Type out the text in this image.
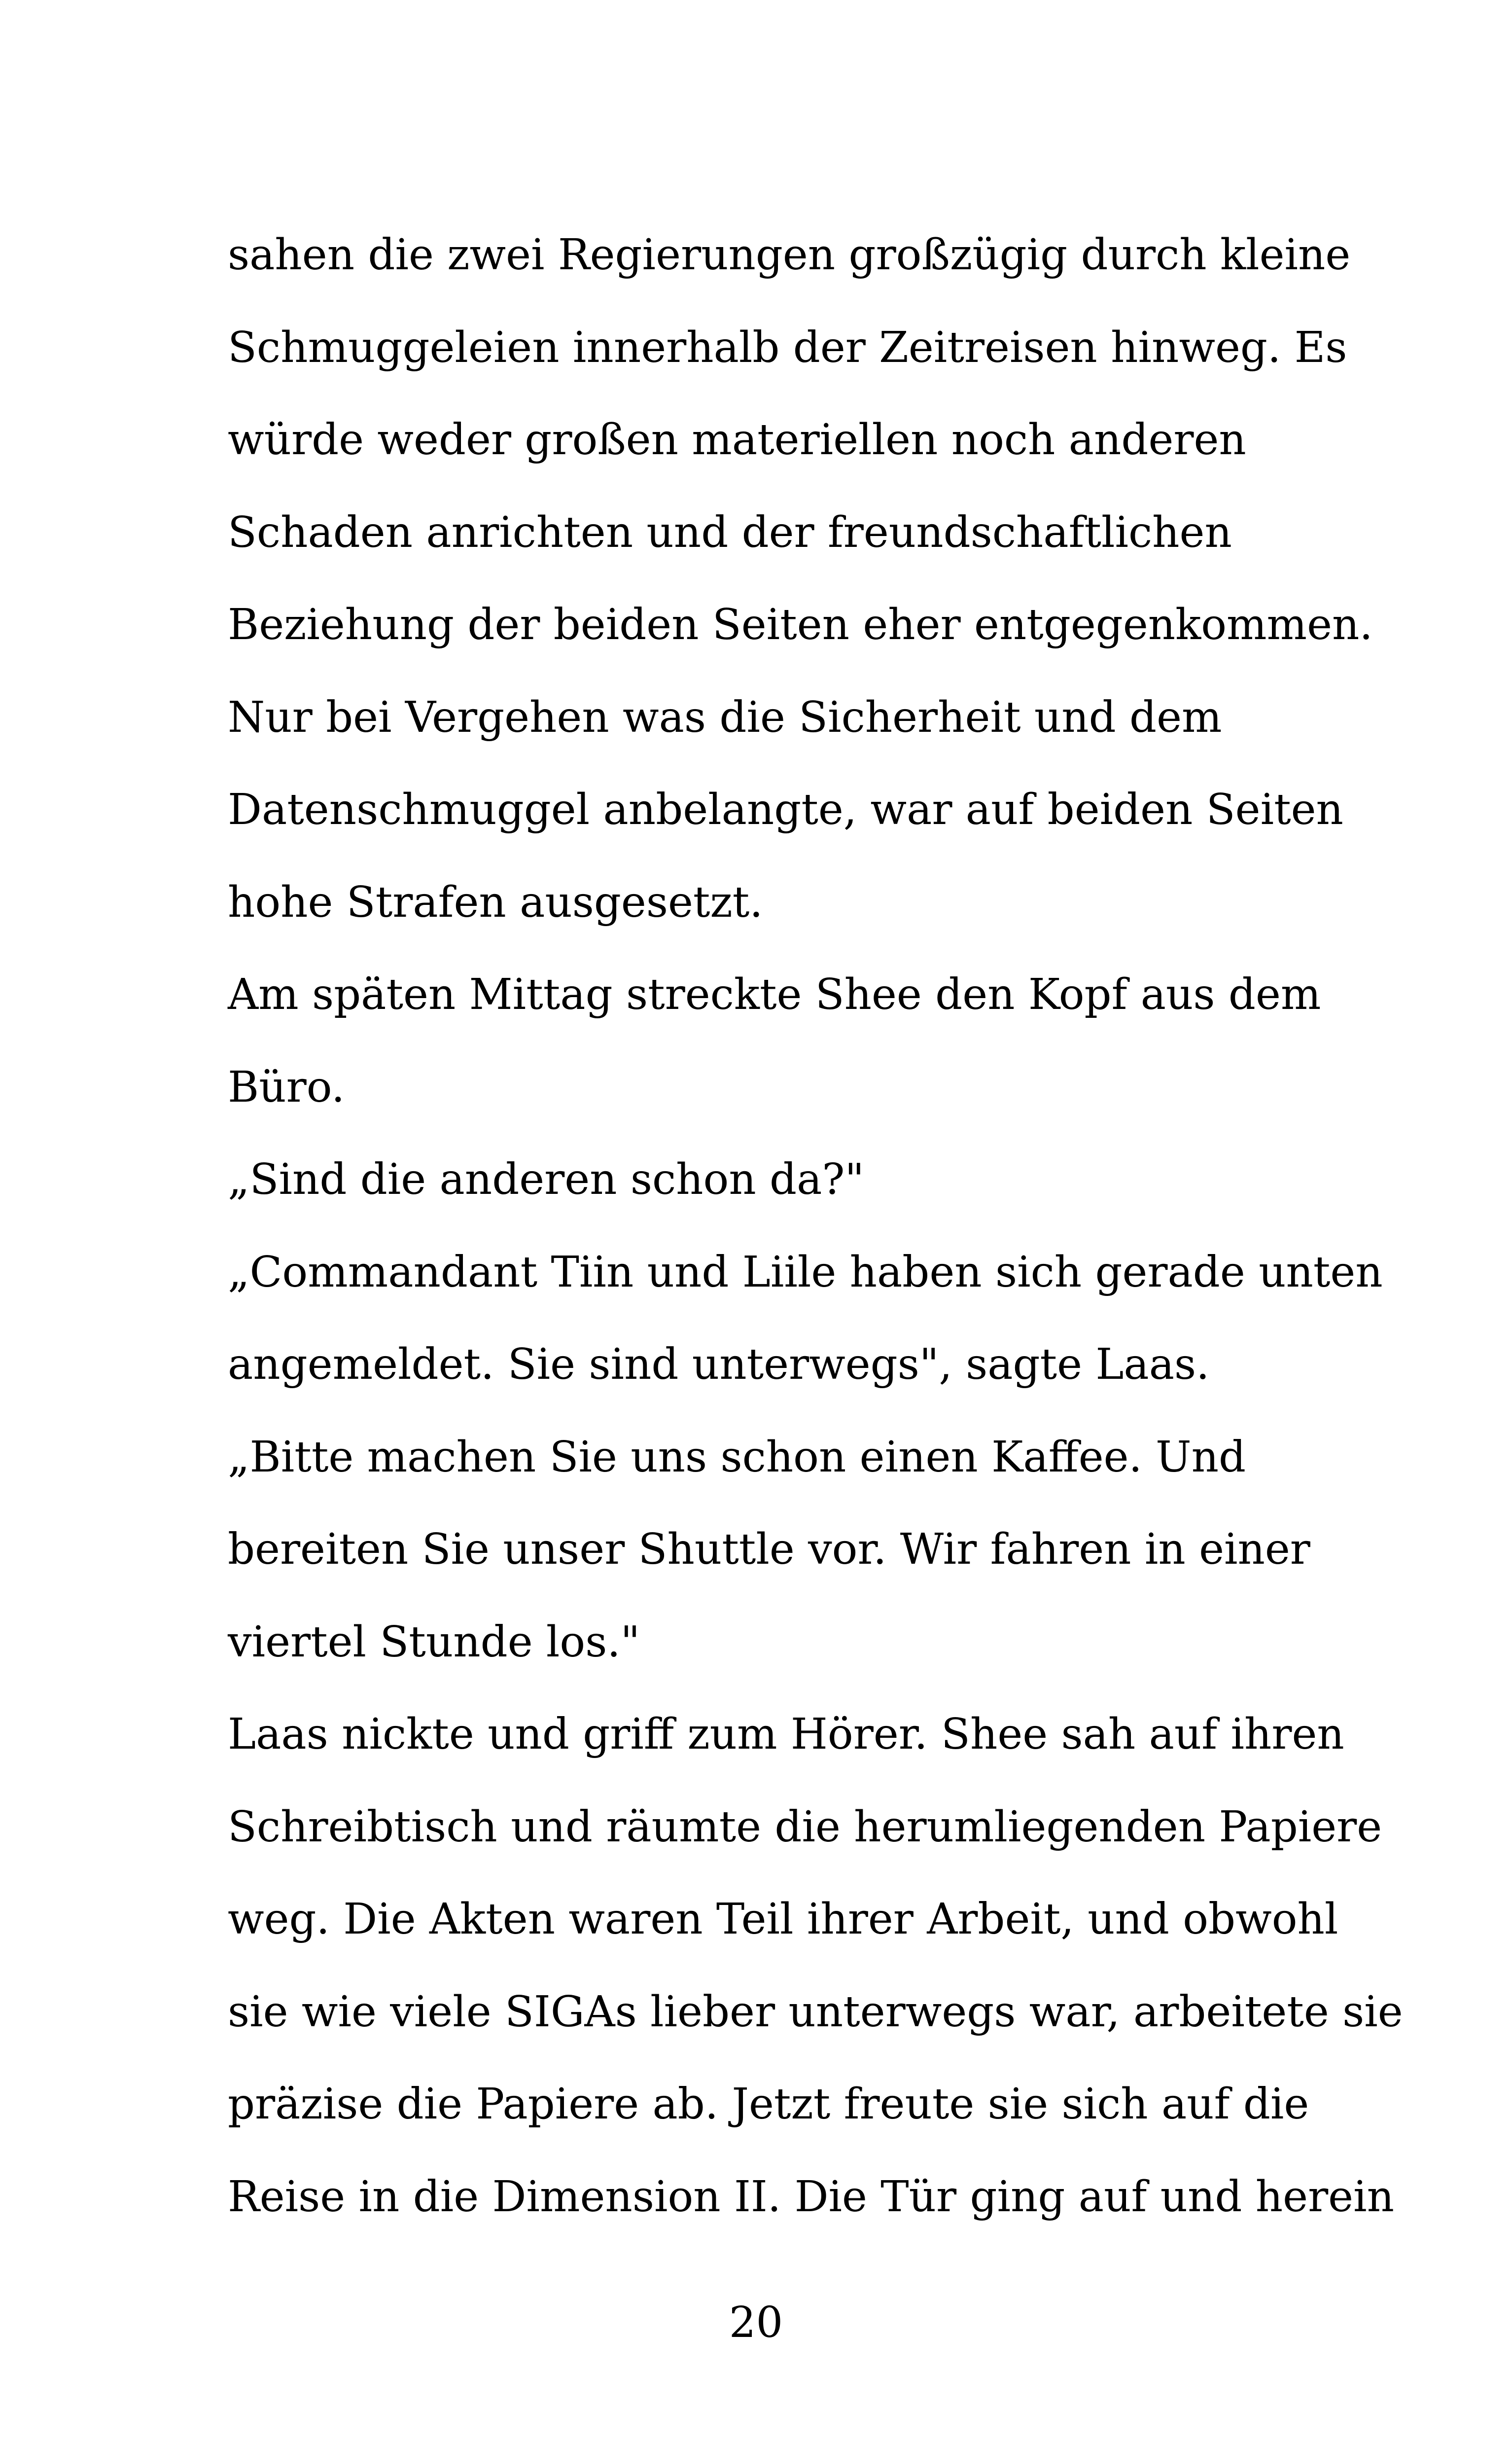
sahen die zwei Regierungen großzügig durch kleine
Schmuggeleien innerhalb der Zeitreisen hinweg. Es
würde weder großen materiellen noch anderen
Schaden anrichten und der freundschaftlichen
Beziehung der beiden Seiten eher entgegenkommen.
Nur bei Vergehen was die Sicherheit und dem
Datenschmuggel anbelangte, war auf beiden Seiten
hohe Strafen ausgesetzt.
Am späten Mittag streckte Shee den Kopf aus dem
Büro.
„Sind die anderen schon da?"
„Commandant Tiin und Liile haben sich gerade unten
angemeldet. Sie sind unterwegs", sagte Laas.
„Bitte machen Sie uns schon einen Kaffee. Und
bereiten Sie unser Shuttle vor. Wir fahren in einer
viertel Stunde los."
Laas nickte und griff zum Hörer. Shee sah auf ihren
Schreibtisch und räumte die herumliegenden Papiere
weg. Die Akten waren Teil ihrer Arbeit, und obwohl
sie wie viele SIGAs lieber unterwegs war, arbeitete sie
präzise die Papiere ab. Jetzt freute sie sich auf die
Reise in die Dimension II. Die Tür ging auf und herein
20
